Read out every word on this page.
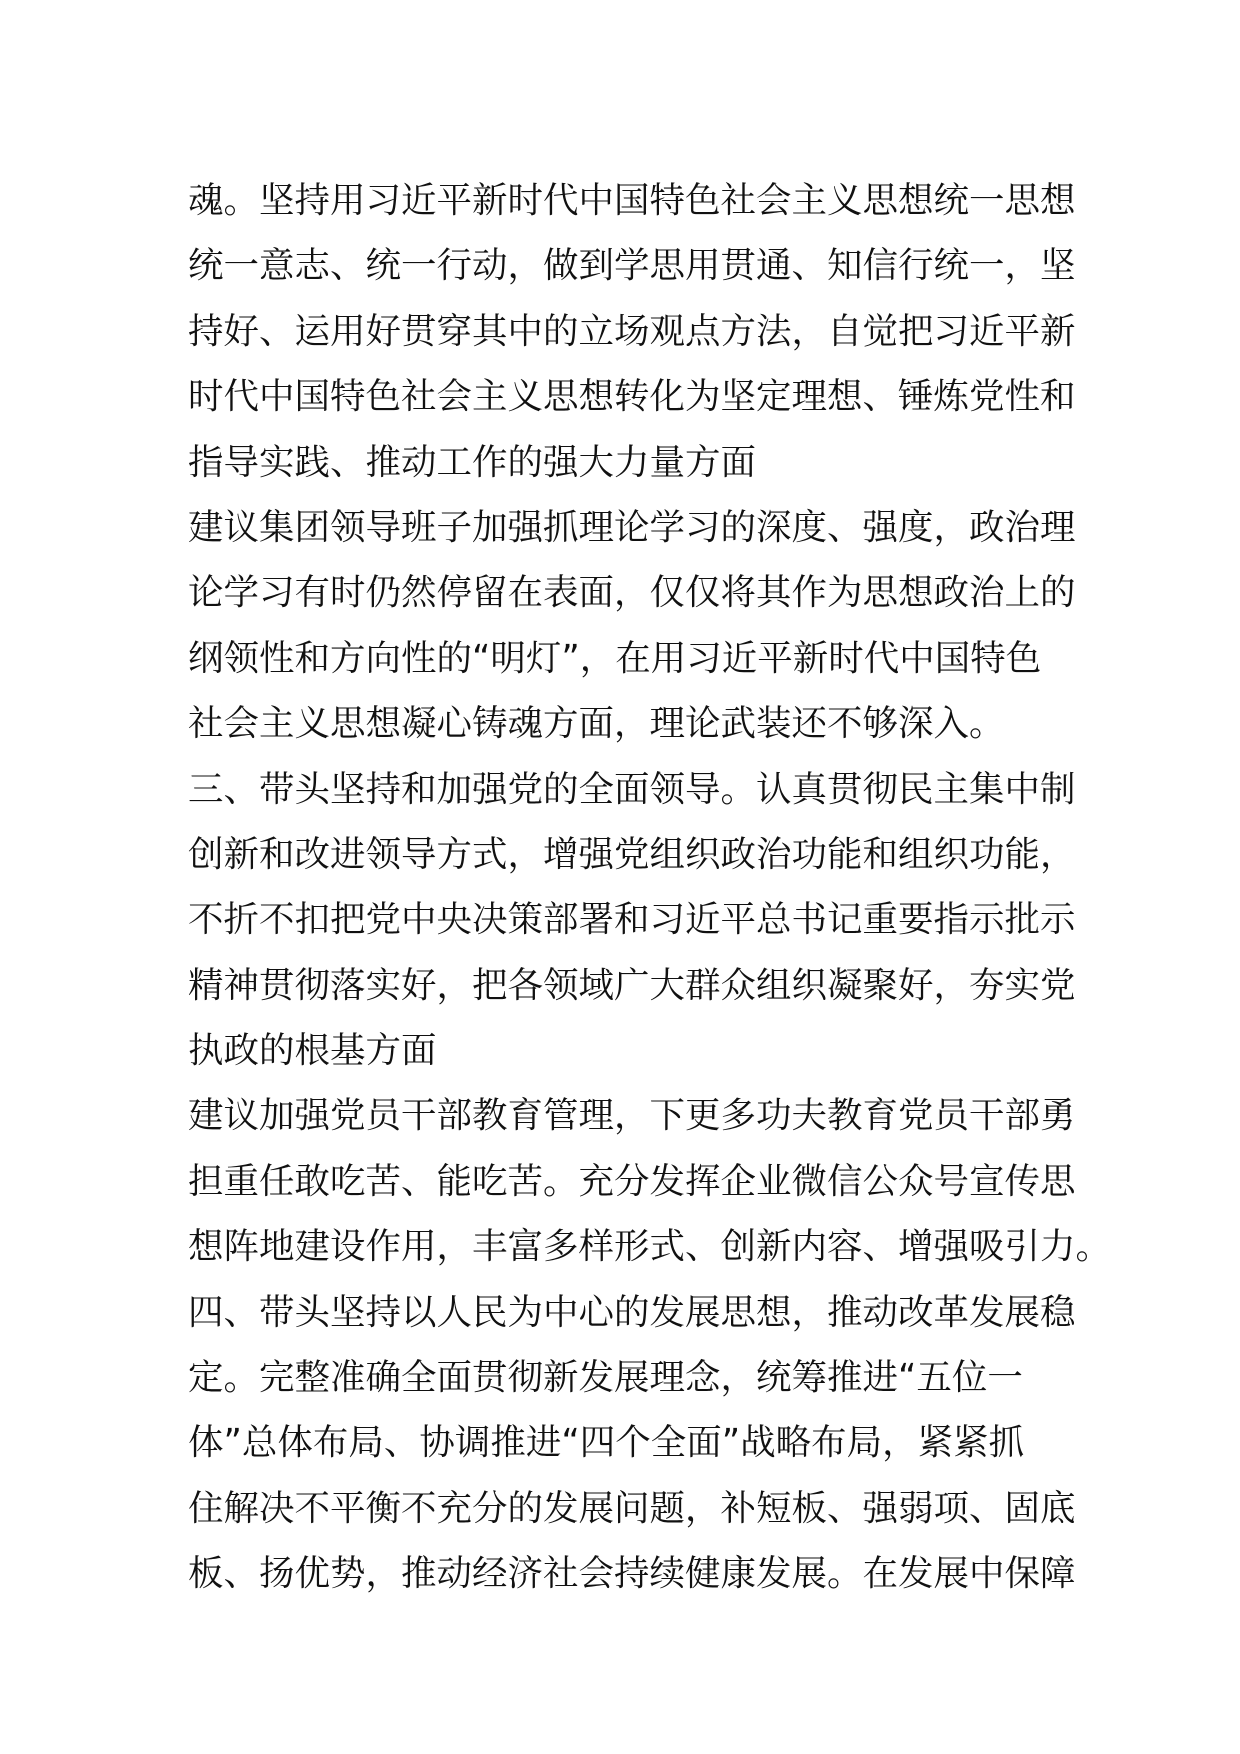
魂。坚持用习近平新时代中国特色社会主义思想统一思想
统一意志、统一行动，做到学思用贯通、知信行统一，坚
持好、运用好贯穿其中的立场观点方法，自觉把习近平新
时代中国特色社会主义思想转化为坚定理想、锤炼党性和
指导实践、推动工作的强大力量方面
建议集团领导班子加强抓理论学习的深度、强度，政治理
论学习有时仍然停留在表面，仅仅将其作为思想政治上的
纲领性和方向性的“明灯”，在用习近平新时代中国特色
社会主义思想凝心铸魂方面，理论武装还不够深入。
三、带头坚持和加强党的全面领导。认真贯彻民主集中制
创新和改进领导方式，增强党组织政治功能和组织功能，
不折不扣把党中央决策部署和习近平总书记重要指示批示
精神贯彻落实好，把各领域广大群众组织凝聚好，夯实党
执政的根基方面
建议加强党员干部教育管理，下更多功夫教育党员干部勇
担重任敢吃苦、能吃苦。充分发挥企业微信公众号宣传思
想阵地建设作用，丰富多样形式、创新内容、增强吸引力。
四、带头坚持以人民为中心的发展思想，推动改革发展稳
定。完整准确全面贯彻新发展理念，统筹推进“五位一
体”总体布局、协调推进“四个全面”战略布局，紧紧抓
住解决不平衡不充分的发展问题，补短板、强弱项、固底
板、扬优势，推动经济社会持续健康发展。在发展中保障
